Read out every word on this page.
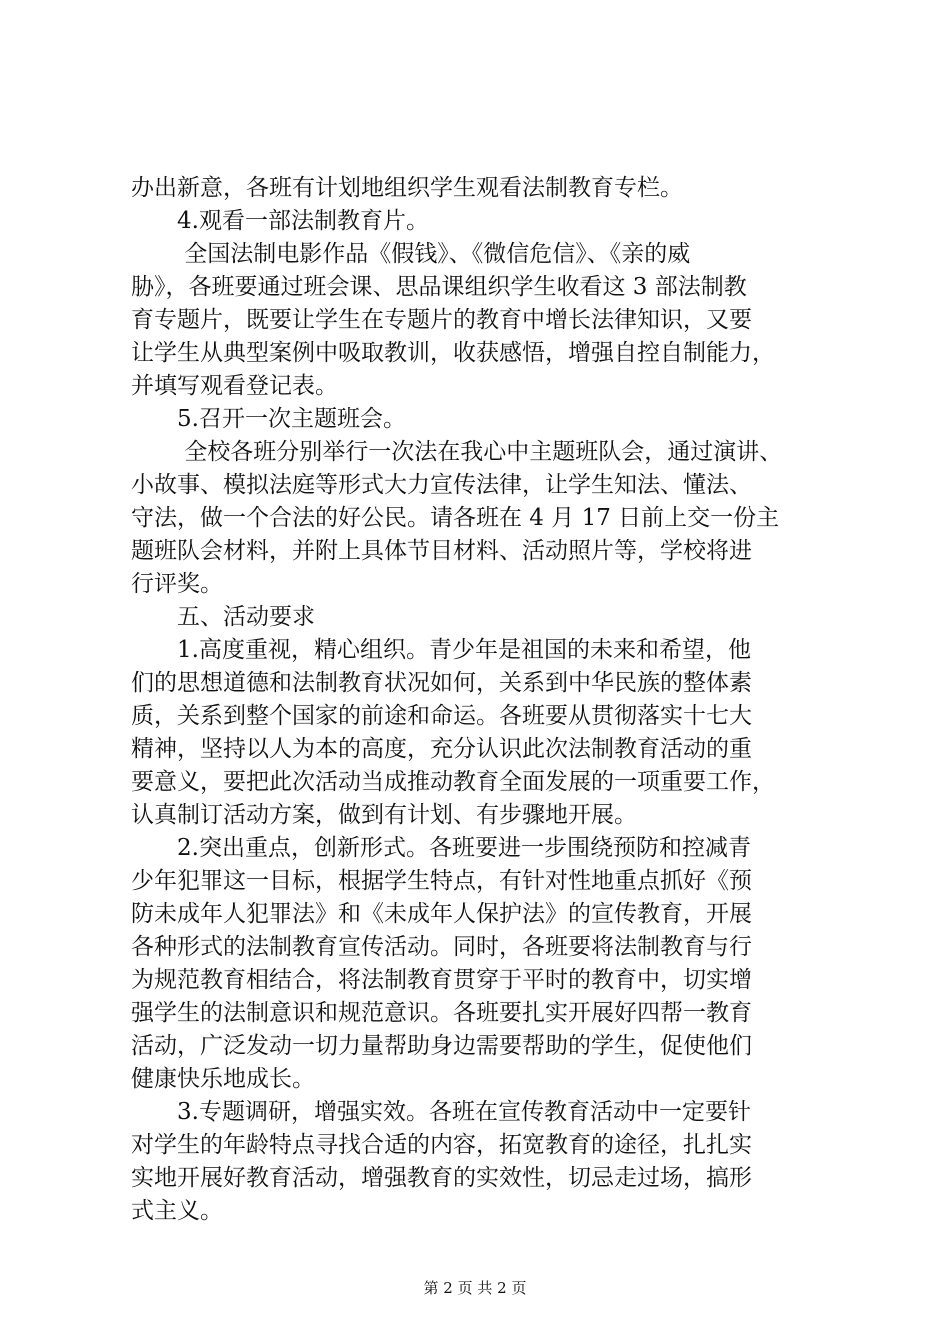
办出新意，各班有计划地组织学生观看法制教育专栏。
　　4.观看一部法制教育片。
　　 全国法制电影作品《假钱》、《微信危信》、《亲的威
胁》，各班要通过班会课、思品课组织学生收看这 3 部法制教
育专题片，既要让学生在专题片的教育中增长法律知识，又要
让学生从典型案例中吸取教训，收获感悟，增强自控自制能力，
并填写观看登记表。
　　5.召开一次主题班会。
　　 全校各班分别举行一次法在我心中主题班队会，通过演讲、
小故事、模拟法庭等形式大力宣传法律，让学生知法、懂法、
守法，做一个合法的好公民。请各班在 4 月 17 日前上交一份主
题班队会材料，并附上具体节目材料、活动照片等，学校将进
行评奖。
　　五、活动要求
　　1.高度重视，精心组织。青少年是祖国的未来和希望，他
们的思想道德和法制教育状况如何，关系到中华民族的整体素
质，关系到整个国家的前途和命运。各班要从贯彻落实十七大
精神，坚持以人为本的高度，充分认识此次法制教育活动的重
要意义，要把此次活动当成推动教育全面发展的一项重要工作，
认真制订活动方案，做到有计划、有步骤地开展。
　　2.突出重点，创新形式。各班要进一步围绕预防和控减青
少年犯罪这一目标，根据学生特点，有针对性地重点抓好《预
防未成年人犯罪法》和《未成年人保护法》的宣传教育，开展
各种形式的法制教育宣传活动。同时，各班要将法制教育与行
为规范教育相结合，将法制教育贯穿于平时的教育中，切实增
强学生的法制意识和规范意识。各班要扎实开展好四帮一教育
活动，广泛发动一切力量帮助身边需要帮助的学生，促使他们
健康快乐地成长。
　　3.专题调研，增强实效。各班在宣传教育活动中一定要针
对学生的年龄特点寻找合适的内容，拓宽教育的途径，扎扎实
实地开展好教育活动，增强教育的实效性，切忌走过场，搞形
式主义。
第 2 页 共 2 页
